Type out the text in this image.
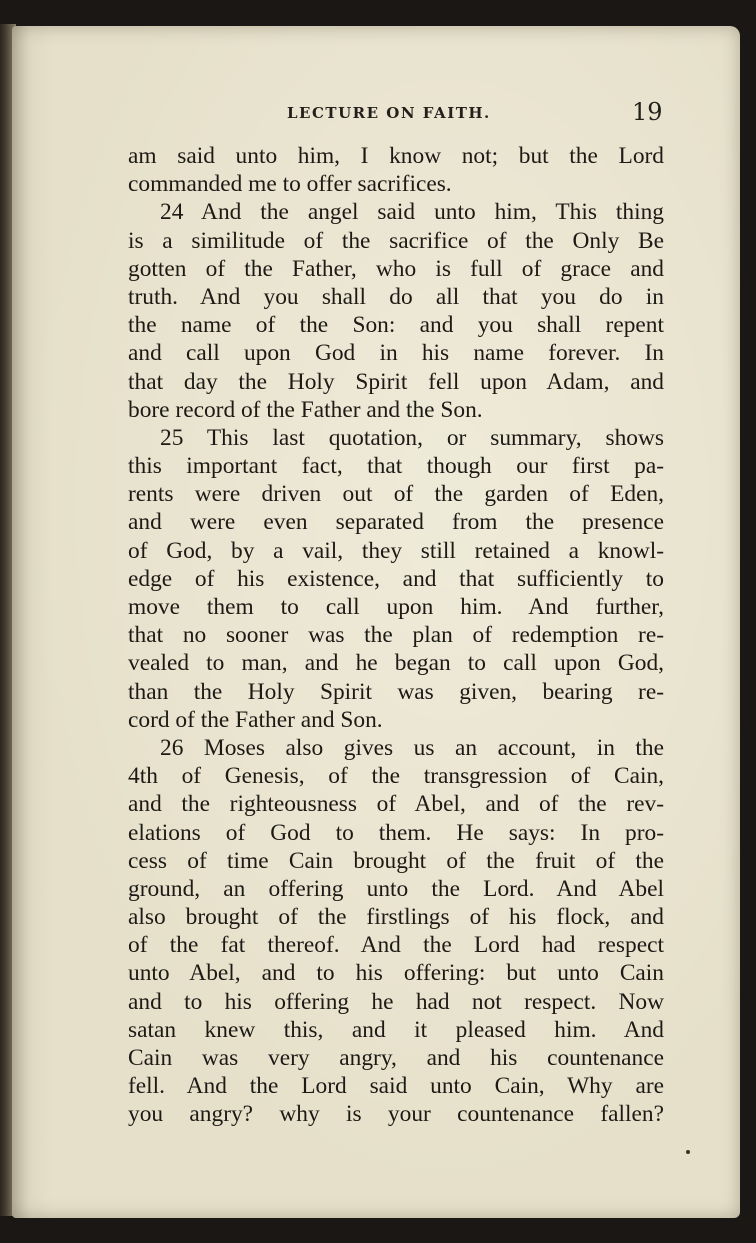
LECTURE ON FAITH.	19
am said unto him, I know not; but the Lord
commanded me to offer sacrifices.
24 And the angel said unto him, This thing
is a similitude of the sacrifice of the Only Be
gotten of the Father, who is full of grace and
truth. And you shall do all that you do in
the name of the Son: and you shall repent
and call upon God in his name forever. In
that day the Holy Spirit fell upon Adam, and
bore record of the Father and the Son.
25 This last quotation, or summary, shows
this important fact, that though our first pa-
rents were driven out of the garden of Eden,
and were even separated from the presence
of God, by a vail, they still retained a knowl-
edge of his existence, and that sufficiently to
move them to call upon him. And further,
that no sooner was the plan of redemption re-
vealed to man, and he began to call upon God,
than the Holy Spirit was given, bearing re-
cord of the Father and Son.
26 Moses also gives us an account, in the
4th of Genesis, of the transgression of Cain,
and the righteousness of Abel, and of the rev-
elations of God to them. He says: In pro-
cess of time Cain brought of the fruit of the
ground, an offering unto the Lord. And Abel
also brought of the firstlings of his flock, and
of the fat thereof. And the Lord had respect
unto Abel, and to his offering: but unto Cain
and to his offering he had not respect. Now
satan knew this, and it pleased him. And
Cain was very angry, and his countenance
fell. And the Lord said unto Cain, Why are
you angry? why is your countenance fallen?
